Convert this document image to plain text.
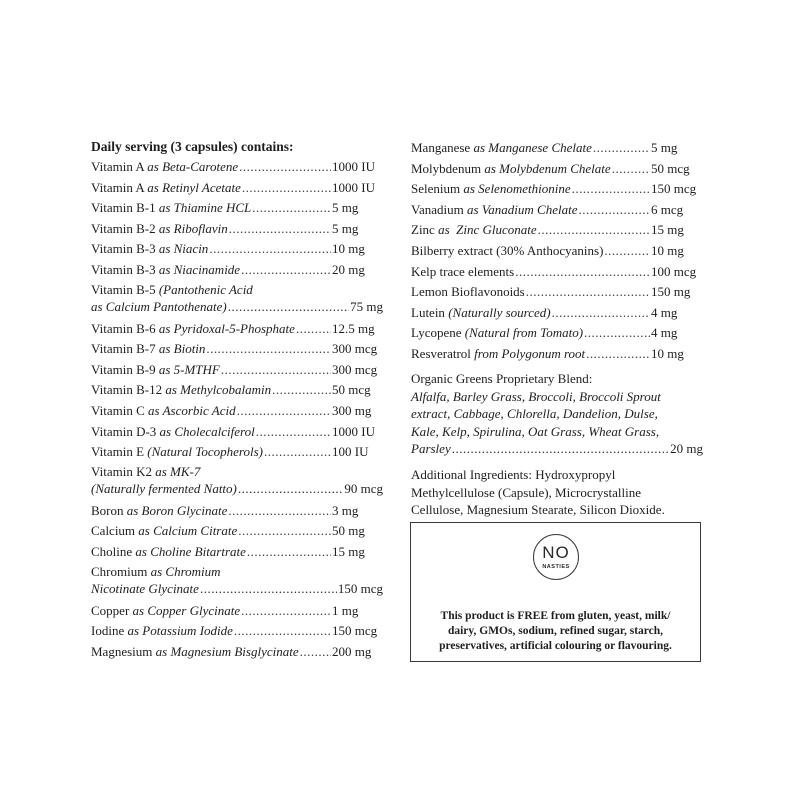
Daily serving (3 capsules) contains:
Vitamin A as Beta-Carotene .....	1000 IU
Vitamin A as Retinyl Acetate .....	1000 IU
Vitamin B-1 as Thiamine HCL .....	5 mg
Vitamin B-2 as Riboflavin .....	5 mg
Vitamin B-3 as Niacin .....	10 mg
Vitamin B-3 as Niacinamide .....	20 mg
Vitamin B-5 (Pantothenic Acid
as Calcium Pantothenate) .....	75 mg
Vitamin B-6 as Pyridoxal-5-Phosphate .....	12.5 mg
Vitamin B-7 as Biotin .....	300 mcg
Vitamin B-9 as 5-MTHF .....	300 mcg
Vitamin B-12 as Methylcobalamin .....	50 mcg
Vitamin C as Ascorbic Acid .....	300 mg
Vitamin D-3 as Cholecalciferol .....	1000 IU
Vitamin E (Natural Tocopherols) .....	100 IU
Vitamin K2 as MK-7
(Naturally fermented Natto) .....	90 mcg
Boron as Boron Glycinate .....	3 mg
Calcium as Calcium Citrate .....	50 mg
Choline as Choline Bitartrate .....	15 mg
Chromium as Chromium
Nicotinate Glycinate .....	150 mcg
Copper as Copper Glycinate .....	1 mg
Iodine as Potassium Iodide .....	150 mcg
Magnesium as Magnesium Bisglycinate .....	200 mg
Manganese as Manganese Chelate .....	5 mg
Molybdenum as Molybdenum Chelate .....	50 mcg
Selenium as Selenomethionine .....	150 mcg
Vanadium as Vanadium Chelate .....	6 mcg
Zinc as  Zinc Gluconate .....	15 mg
Bilberry extract (30% Anthocyanins) .....	10 mg
Kelp trace elements .....	100 mcg
Lemon Bioflavonoids .....	150 mg
Lutein (Naturally sourced) .....	4 mg
Lycopene (Natural from Tomato) .....	4 mg
Resveratrol from Polygonum root .....	10 mg
Organic Greens Proprietary Blend:
Alfalfa, Barley Grass, Broccoli, Broccoli Sprout
extract, Cabbage, Chlorella, Dandelion, Dulse,
Kale, Kelp, Spirulina, Oat Grass, Wheat Grass,
Parsley .....	20 mg
Additional Ingredients: Hydroxypropyl
Methylcellulose (Capsule), Microcrystalline
Cellulose, Magnesium Stearate, Silicon Dioxide.
NO
NASTIES
This product is FREE from gluten, yeast, milk/
dairy, GMOs, sodium, refined sugar, starch,
preservatives, artificial colouring or flavouring.
